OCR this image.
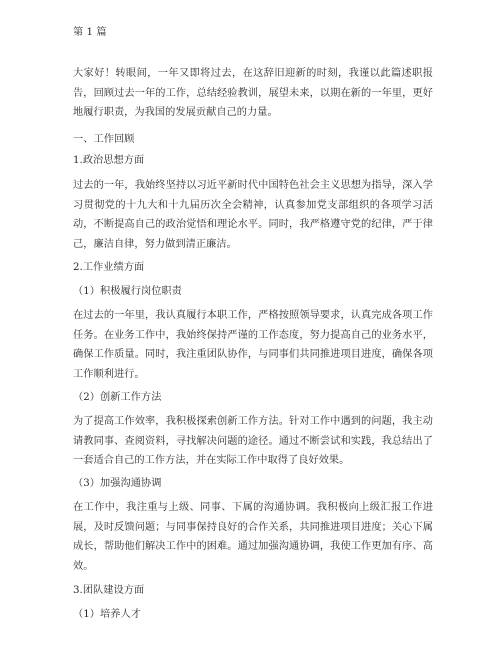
第 1 篇

大家好！转眼间，一年又即将过去，在这辞旧迎新的时刻，我谨以此篇述职报告，回顾过去一年的工作，总结经验教训，展望未来，以期在新的一年里，更好地履行职责，为我国的发展贡献自己的力量。

一、工作回顾

1.政治思想方面

过去的一年，我始终坚持以习近平新时代中国特色社会主义思想为指导，深入学习贯彻党的十九大和十九届历次全会精神，认真参加党支部组织的各项学习活动，不断提高自己的政治觉悟和理论水平。同时，我严格遵守党的纪律，严于律己，廉洁自律，努力做到清正廉洁。

2.工作业绩方面

（1）积极履行岗位职责

在过去的一年里，我认真履行本职工作，严格按照领导要求，认真完成各项工作任务。在业务工作中，我始终保持严谨的工作态度，努力提高自己的业务水平，确保工作质量。同时，我注重团队协作，与同事们共同推进项目进度，确保各项工作顺利进行。

（2）创新工作方法

为了提高工作效率，我积极探索创新工作方法。针对工作中遇到的问题，我主动请教同事、查阅资料，寻找解决问题的途径。通过不断尝试和实践，我总结出了一套适合自己的工作方法，并在实际工作中取得了良好效果。

（3）加强沟通协调

在工作中，我注重与上级、同事、下属的沟通协调。我积极向上级汇报工作进展，及时反馈问题；与同事保持良好的合作关系，共同推进项目进度；关心下属成长，帮助他们解决工作中的困难。通过加强沟通协调，我使工作更加有序、高效。

3.团队建设方面

（1）培养人才
